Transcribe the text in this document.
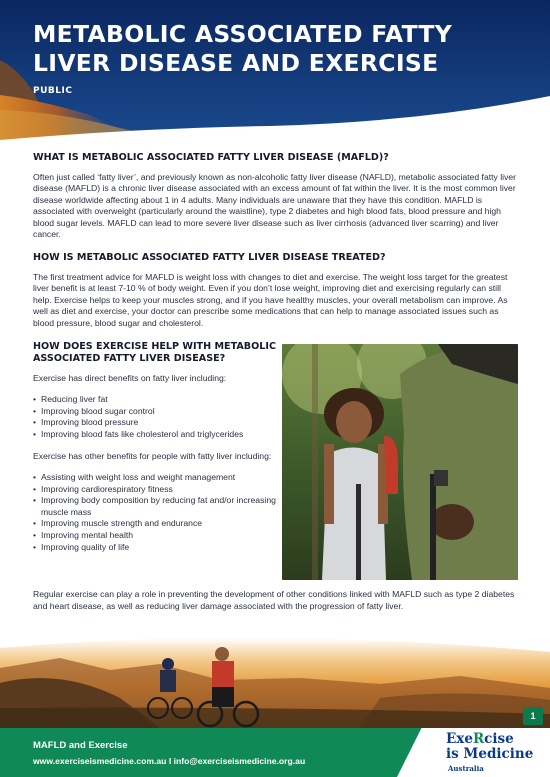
METABOLIC ASSOCIATED FATTY LIVER DISEASE AND EXERCISE
PUBLIC
WHAT IS METABOLIC ASSOCIATED FATTY LIVER DISEASE (MAFLD)?

Often just called ‘fatty liver’, and previously known as non-alcoholic fatty liver disease (NAFLD), metabolic associated fatty liver disease (MAFLD) is a chronic liver disease associated with an excess amount of fat within the liver. It is the most common liver disease worldwide affecting about 1 in 4 adults. Many individuals are unaware that they have this condition. MAFLD is associated with overweight (particularly around the waistline), type 2 diabetes and high blood fats, blood pressure and high blood sugar levels. MAFLD can lead to more severe liver disease such as liver cirrhosis (advanced liver scarring) and liver cancer.

HOW IS METABOLIC ASSOCIATED FATTY LIVER DISEASE TREATED?

The first treatment advice for MAFLD is weight loss with changes to diet and exercise. The weight loss target for the greatest liver benefit is at least 7-10 % of body weight. Even if you don’t lose weight, improving diet and exercising regularly can still help. Exercise helps to keep your muscles strong, and if you have healthy muscles, your overall metabolism can improve. As well as diet and exercise, your doctor can prescribe some medications that can help to manage associated issues such as blood pressure, blood sugar and cholesterol.

HOW DOES EXERCISE HELP WITH METABOLIC ASSOCIATED FATTY LIVER DISEASE?

Exercise has direct benefits on fatty liver including:

• Reducing liver fat
• Improving blood sugar control
• Improving blood pressure
• Improving blood fats like cholesterol and triglycerides

Exercise has other benefits for people with fatty liver including:

• Assisting with weight loss and weight management
• Improving cardiorespiratory fitness
• Improving body composition by reducing fat and/or increasing muscle mass
• Improving muscle strength and endurance
• Improving mental health
• Improving quality of life

Regular exercise can play a role in preventing the development of other conditions linked with MAFLD such as type 2 diabetes and heart disease, as well as reducing liver damage associated with the progression of fatty liver.

1
MAFLD and Exercise
www.exerciseismedicine.com.au I info@exerciseismedicine.org.au
ExeRcise
is Medicine
Australia
